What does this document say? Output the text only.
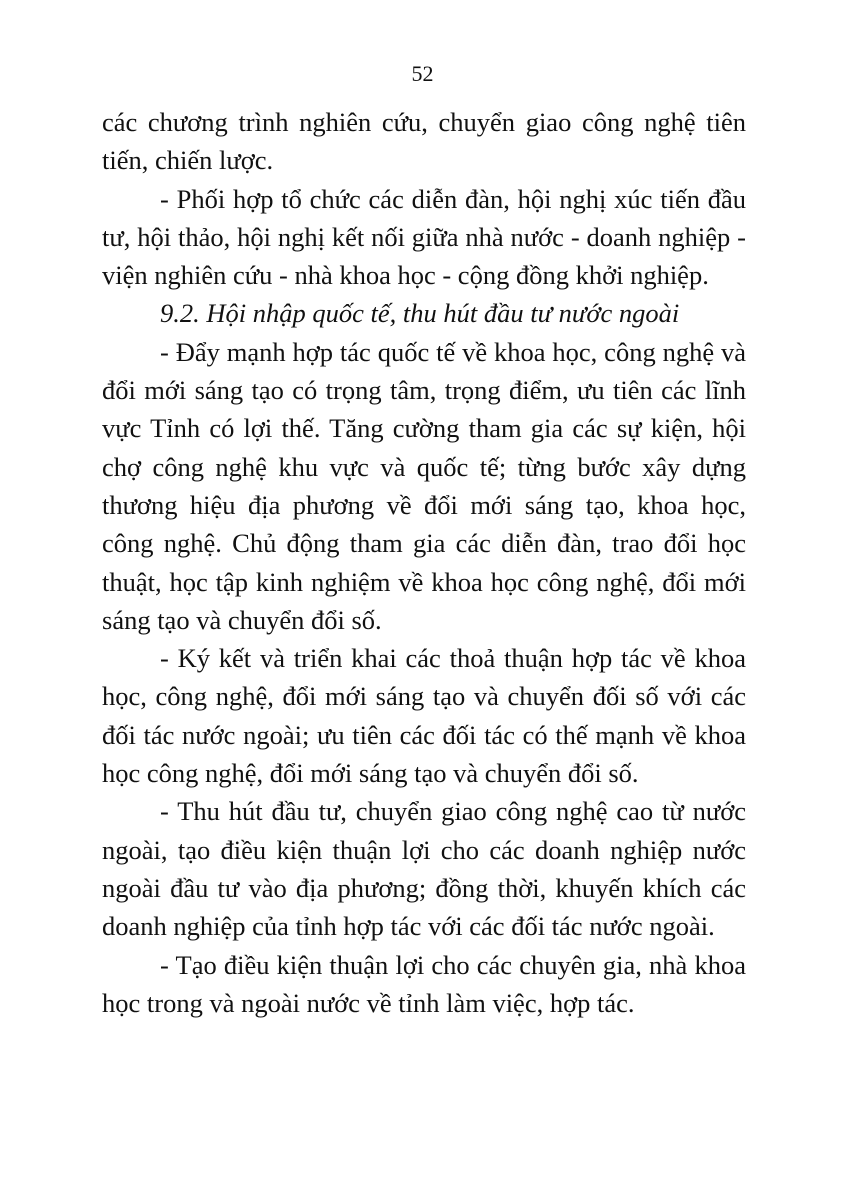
52

các chương trình nghiên cứu, chuyển giao công nghệ tiên tiến, chiến lược.

- Phối hợp tổ chức các diễn đàn, hội nghị xúc tiến đầu tư, hội thảo, hội nghị kết nối giữa nhà nước - doanh nghiệp - viện nghiên cứu - nhà khoa học - cộng đồng khởi nghiệp.

9.2. Hội nhập quốc tế, thu hút đầu tư nước ngoài

- Đẩy mạnh hợp tác quốc tế về khoa học, công nghệ và đổi mới sáng tạo có trọng tâm, trọng điểm, ưu tiên các lĩnh vực Tỉnh có lợi thế. Tăng cường tham gia các sự kiện, hội chợ công nghệ khu vực và quốc tế; từng bước xây dựng thương hiệu địa phương về đổi mới sáng tạo, khoa học, công nghệ. Chủ động tham gia các diễn đàn, trao đổi học thuật, học tập kinh nghiệm về khoa học công nghệ, đổi mới sáng tạo và chuyển đổi số.

- Ký kết và triển khai các thoả thuận hợp tác về khoa học, công nghệ, đổi mới sáng tạo và chuyển đối số với các đối tác nước ngoài; ưu tiên các đối tác có thế mạnh về khoa học công nghệ, đổi mới sáng tạo và chuyển đổi số.

- Thu hút đầu tư, chuyển giao công nghệ cao từ nước ngoài, tạo điều kiện thuận lợi cho các doanh nghiệp nước ngoài đầu tư vào địa phương; đồng thời, khuyến khích các doanh nghiệp của tỉnh hợp tác với các đối tác nước ngoài.

- Tạo điều kiện thuận lợi cho các chuyên gia, nhà khoa học trong và ngoài nước về tỉnh làm việc, hợp tác.
